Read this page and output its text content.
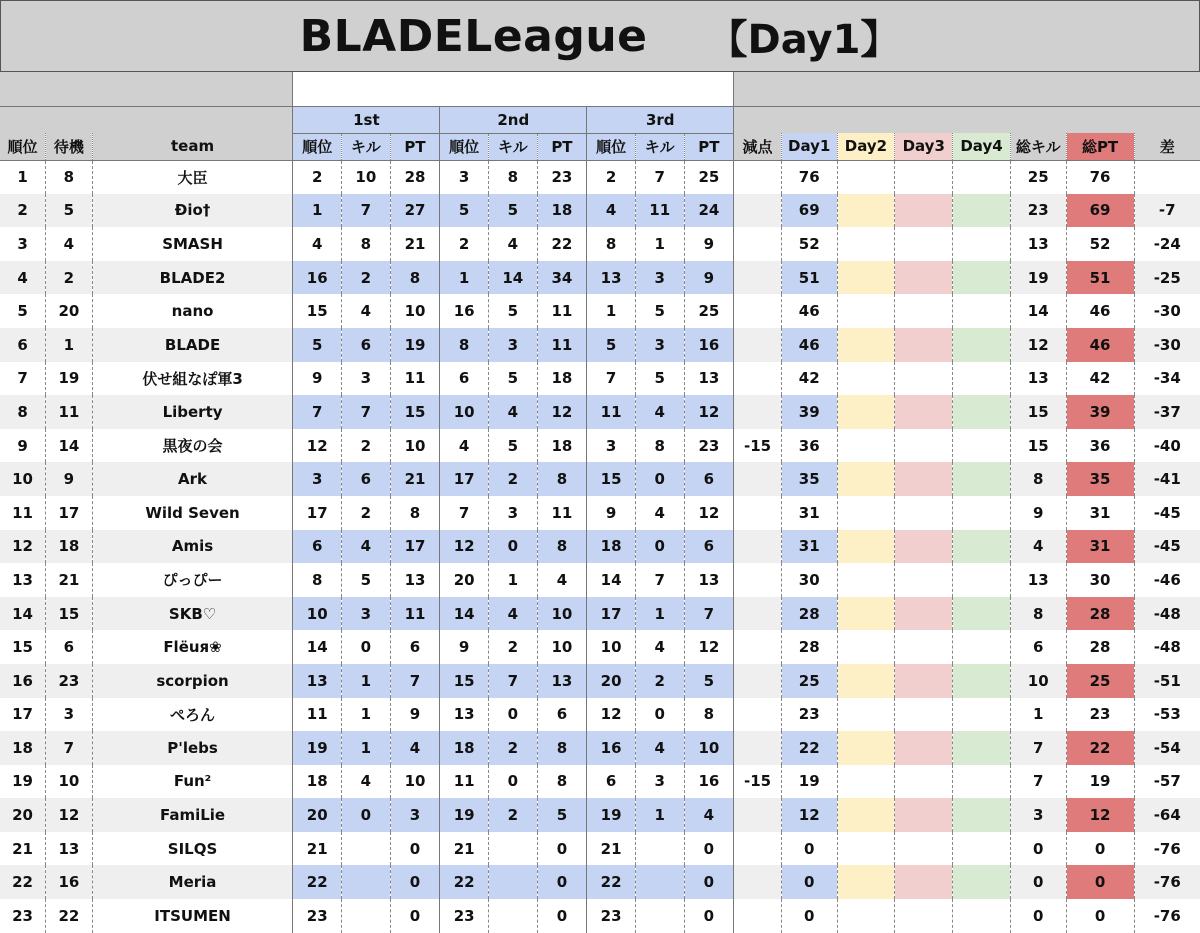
BLADELeague 【Day1】

			1st			2nd			3rd										
順位	待機	team	順位	キル	PT	順位	キル	PT	順位	キル	PT	減点	Day1	Day2	Day3	Day4	総キル	総PT	差
1	8	大臣	2	10	28	3	8	23	2	7	25		76				25	76	
2	5	Ðio†	1	7	27	5	5	18	4	11	24		69				23	69	-7
3	4	SMASH	4	8	21	2	4	22	8	1	9		52				13	52	-24
4	2	BLADE2	16	2	8	1	14	34	13	3	9		51				19	51	-25
5	20	nano	15	4	10	16	5	11	1	5	25		46				14	46	-30
6	1	BLADE	5	6	19	8	3	11	5	3	16		46				12	46	-30
7	19	伏せ組なぽ軍3	9	3	11	6	5	18	7	5	13		42				13	42	-34
8	11	Liberty	7	7	15	10	4	12	11	4	12		39				15	39	-37
9	14	黒夜の会	12	2	10	4	5	18	3	8	23	-15	36				15	36	-40
10	9	Ark	3	6	21	17	2	8	15	0	6		35				8	35	-41
11	17	Wild Seven	17	2	8	7	3	11	9	4	12		31				9	31	-45
12	18	Amis	6	4	17	12	0	8	18	0	6		31				4	31	-45
13	21	ぴっぴー	8	5	13	20	1	4	14	7	13		30				13	30	-46
14	15	SKB♡	10	3	11	14	4	10	17	1	7		28				8	28	-48
15	6	Flëuя❀	14	0	6	9	2	10	10	4	12		28				6	28	-48
16	23	scorpion	13	1	7	15	7	13	20	2	5		25				10	25	-51
17	3	ぺろん	11	1	9	13	0	6	12	0	8		23				1	23	-53
18	7	P'lebs	19	1	4	18	2	8	16	4	10		22				7	22	-54
19	10	Fun²	18	4	10	11	0	8	6	3	16	-15	19				7	19	-57
20	12	FamiLie	20	0	3	19	2	5	19	1	4		12				3	12	-64
21	13	SILQS	21		0	21		0	21		0		0				0	0	-76
22	16	Meria	22		0	22		0	22		0		0				0	0	-76
23	22	ITSUMEN	23		0	23		0	23		0		0				0	0	-76
